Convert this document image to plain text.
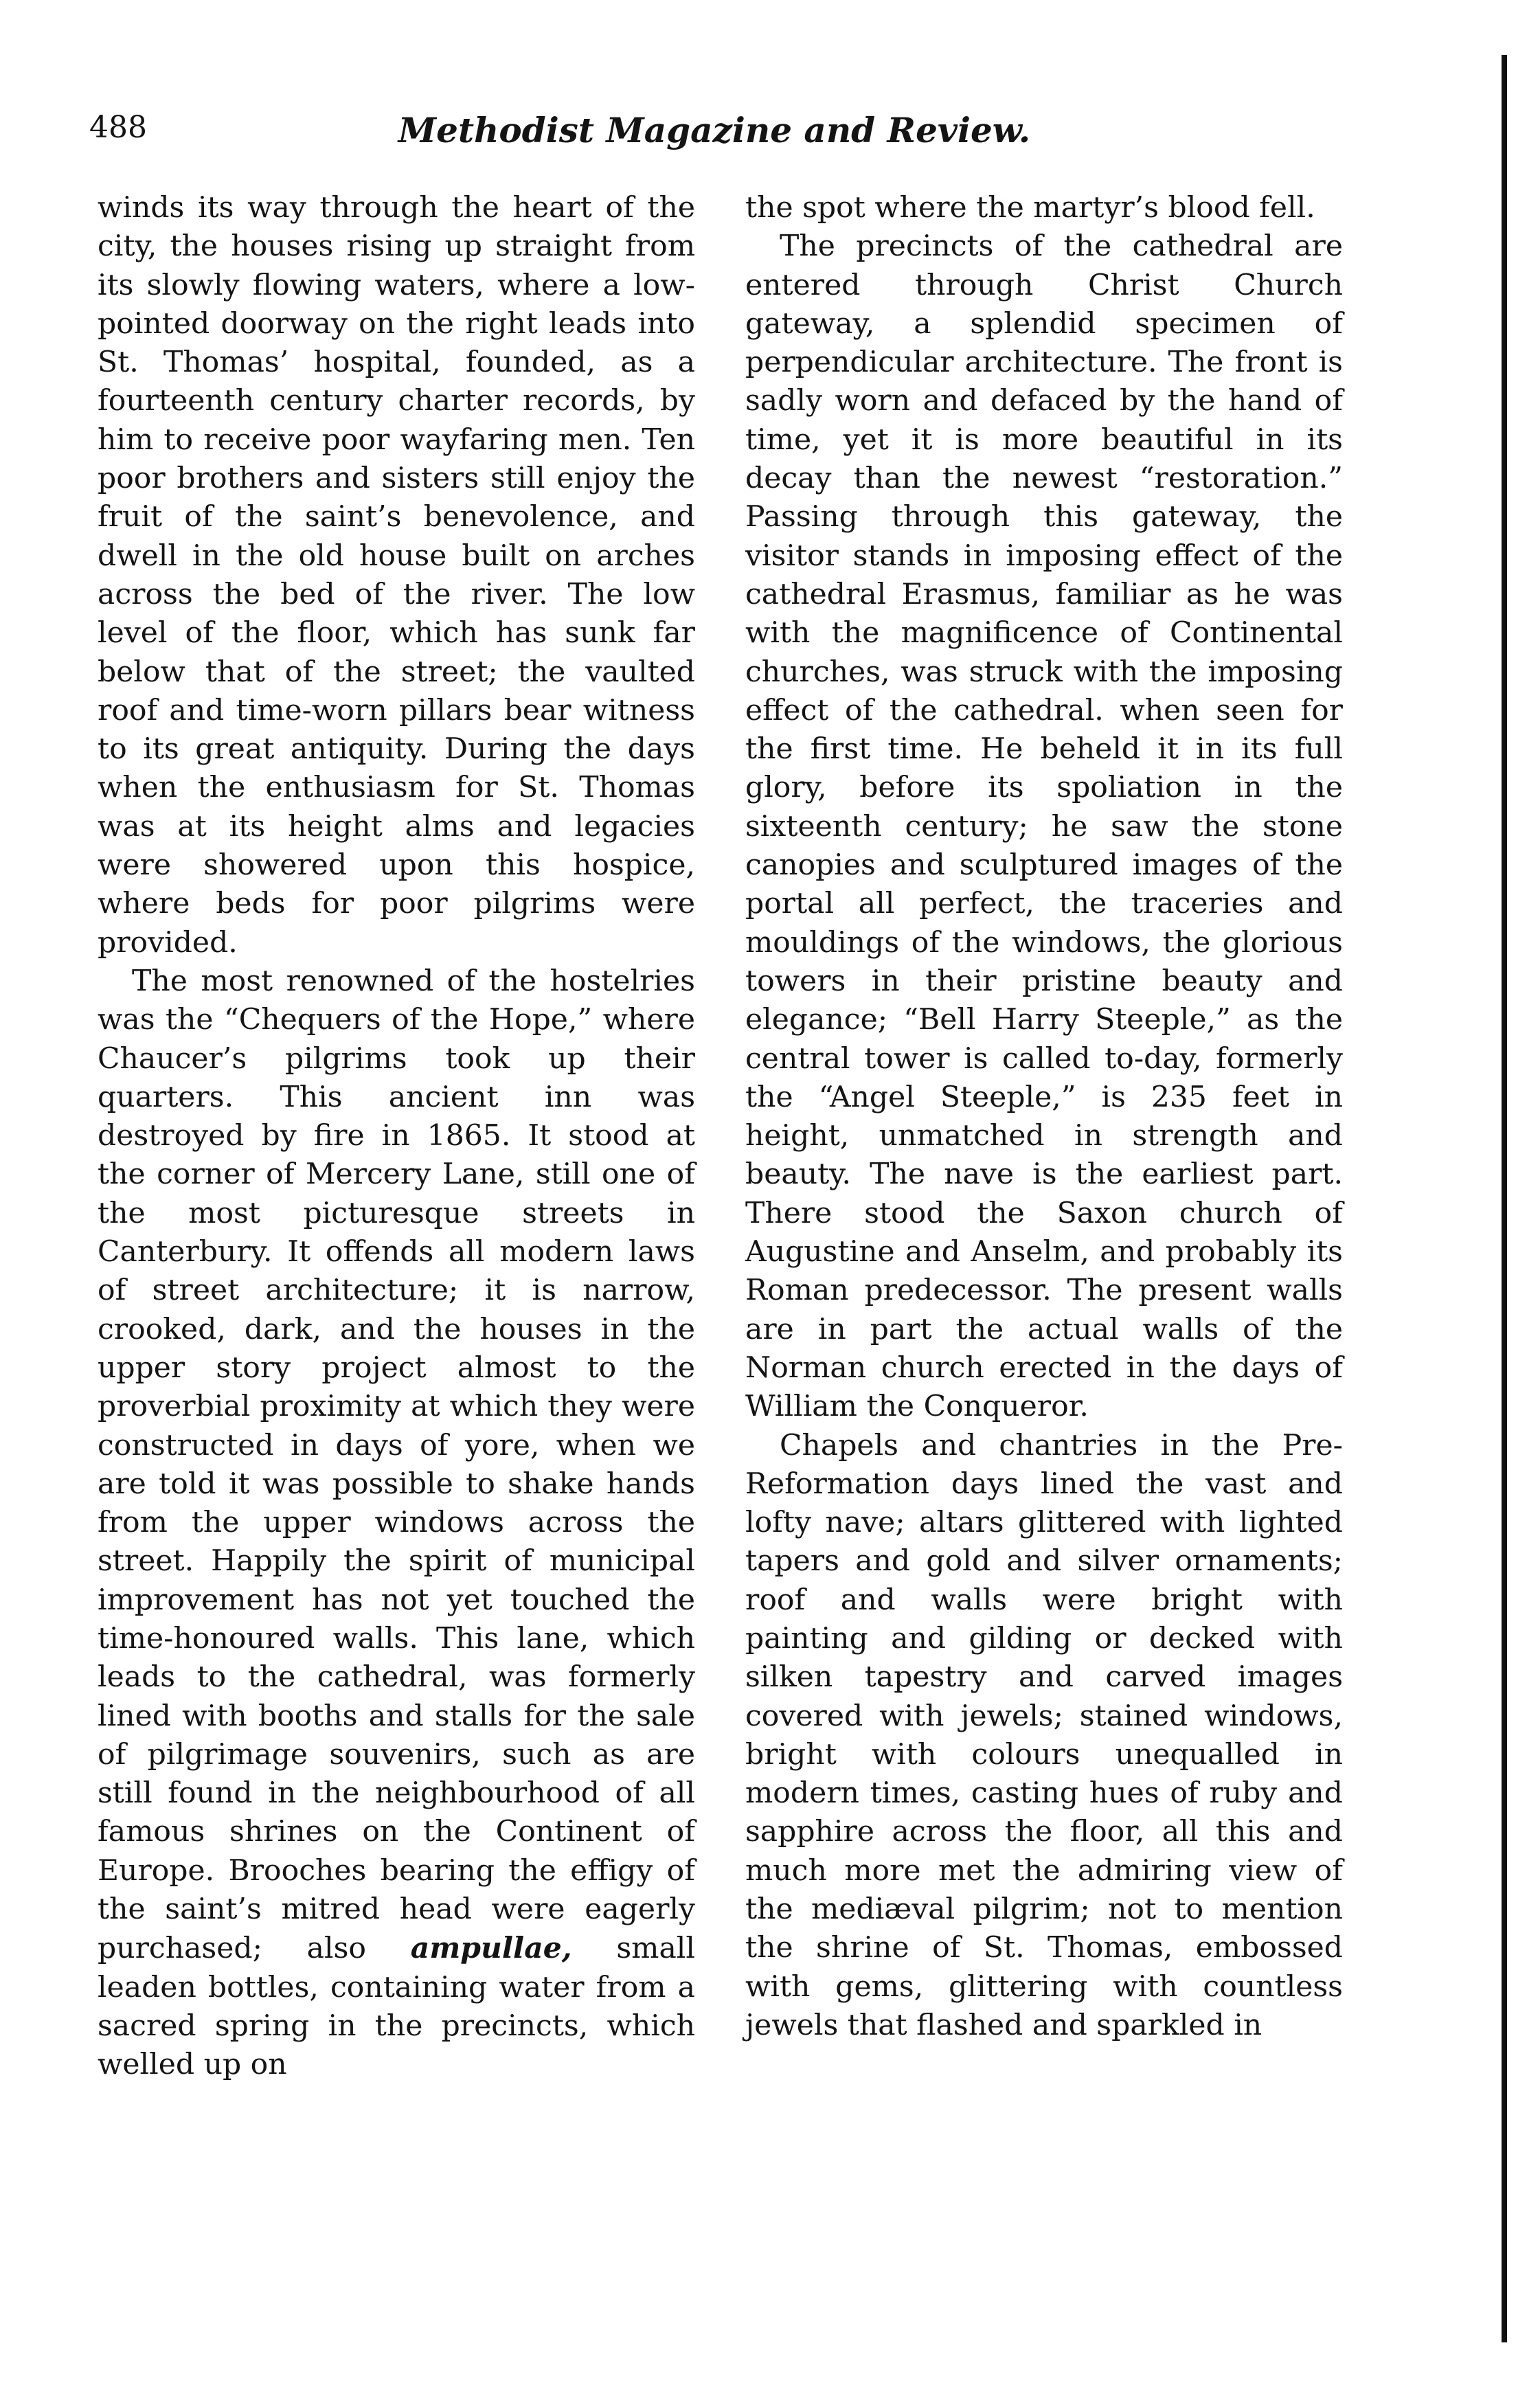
488	Methodist Magazine and Review.

winds its way through the heart of the city, the houses rising up straight from its slowly flowing waters, where a low-pointed doorway on the right leads into St. Thomas’ hospital, founded, as a fourteenth century charter records, by him to receive poor wayfaring men. Ten poor brothers and sisters still enjoy the fruit of the saint’s benevolence, and dwell in the old house built on arches across the bed of the river. The low level of the floor, which has sunk far below that of the street; the vaulted roof and time-worn pillars bear witness to its great antiquity. During the days when the enthusiasm for St. Thomas was at its height alms and legacies were showered upon this hospice, where beds for poor pilgrims were provided.

The most renowned of the hostelries was the “Chequers of the Hope,” where Chaucer’s pilgrims took up their quarters. This ancient inn was destroyed by fire in 1865. It stood at the corner of Mercery Lane, still one of the most picturesque streets in Canterbury. It offends all modern laws of street architecture; it is narrow, crooked, dark, and the houses in the upper story project almost to the proverbial proximity at which they were constructed in days of yore, when we are told it was possible to shake hands from the upper windows across the street. Happily the spirit of municipal improvement has not yet touched the time-honoured walls. This lane, which leads to the cathedral, was formerly lined with booths and stalls for the sale of pilgrimage souvenirs, such as are still found in the neighbourhood of all famous shrines on the Continent of Europe. Brooches bearing the effigy of the saint’s mitred head were eagerly purchased; also ampullae, small leaden bottles, containing water from a sacred spring in the precincts, which welled up on

the spot where the martyr’s blood fell.

The precincts of the cathedral are entered through Christ Church gateway, a splendid specimen of perpendicular architecture. The front is sadly worn and defaced by the hand of time, yet it is more beautiful in its decay than the newest “restoration.” Passing through this gateway, the visitor stands in imposing effect of the cathedral Erasmus, familiar as he was with the magnificence of Continental churches, was struck with the imposing effect of the cathedral. when seen for the first time. He beheld it in its full glory, before its spoliation in the sixteenth century; he saw the stone canopies and sculptured images of the portal all perfect, the traceries and mouldings of the windows, the glorious towers in their pristine beauty and elegance; “Bell Harry Steeple,” as the central tower is called to-day, formerly the “Angel Steeple,” is 235 feet in height, unmatched in strength and beauty. The nave is the earliest part. There stood the Saxon church of Augustine and Anselm, and probably its Roman predecessor. The present walls are in part the actual walls of the Norman church erected in the days of William the Conqueror.

Chapels and chantries in the Pre-Reformation days lined the vast and lofty nave; altars glittered with lighted tapers and gold and silver ornaments; roof and walls were bright with painting and gilding or decked with silken tapestry and carved images covered with jewels; stained windows, bright with colours unequalled in modern times, casting hues of ruby and sapphire across the floor, all this and much more met the admiring view of the mediæval pilgrim; not to mention the shrine of St. Thomas, embossed with gems, glittering with countless jewels that flashed and sparkled in
